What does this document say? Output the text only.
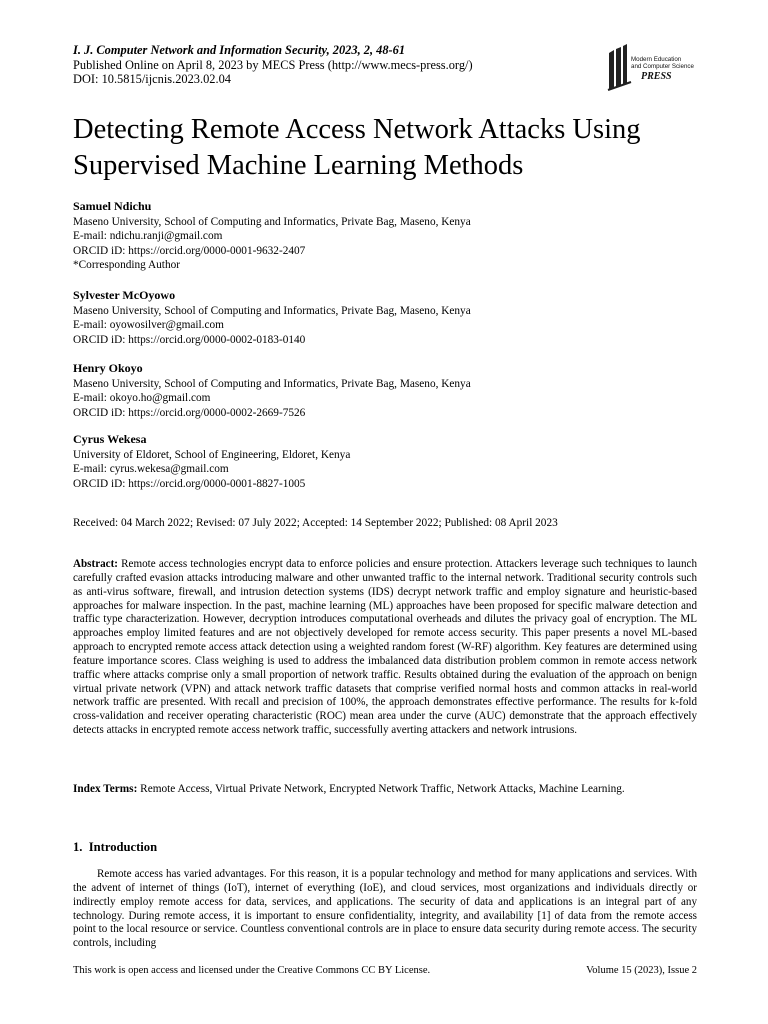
I. J. Computer Network and Information Security, 2023, 2, 48-61
Published Online on April 8, 2023 by MECS Press (http://www.mecs-press.org/)
DOI: 10.5815/ijcnis.2023.02.04
Modern Education
and Computer Science
PRESS
Detecting Remote Access Network Attacks Using Supervised Machine Learning Methods
Samuel Ndichu
Maseno University, School of Computing and Informatics, Private Bag, Maseno, Kenya
E-mail: ndichu.ranji@gmail.com
ORCID iD: https://orcid.org/0000-0001-9632-2407
*Corresponding Author
Sylvester McOyowo
Maseno University, School of Computing and Informatics, Private Bag, Maseno, Kenya
E-mail: oyowosilver@gmail.com
ORCID iD: https://orcid.org/0000-0002-0183-0140
Henry Okoyo
Maseno University, School of Computing and Informatics, Private Bag, Maseno, Kenya
E-mail: okoyo.ho@gmail.com
ORCID iD: https://orcid.org/0000-0002-2669-7526
Cyrus Wekesa
University of Eldoret, School of Engineering, Eldoret, Kenya
E-mail: cyrus.wekesa@gmail.com
ORCID iD: https://orcid.org/0000-0001-8827-1005
Received: 04 March 2022; Revised: 07 July 2022; Accepted: 14 September 2022; Published: 08 April 2023

Abstract: Remote access technologies encrypt data to enforce policies and ensure protection. Attackers leverage such techniques to launch carefully crafted evasion attacks introducing malware and other unwanted traffic to the internal network. Traditional security controls such as anti-virus software, firewall, and intrusion detection systems (IDS) decrypt network traffic and employ signature and heuristic-based approaches for malware inspection. In the past, machine learning (ML) approaches have been proposed for specific malware detection and traffic type characterization. However, decryption introduces computational overheads and dilutes the privacy goal of encryption. The ML approaches employ limited features and are not objectively developed for remote access security. This paper presents a novel ML-based approach to encrypted remote access attack detection using a weighted random forest (W-RF) algorithm. Key features are determined using feature importance scores. Class weighing is used to address the imbalanced data distribution problem common in remote access network traffic where attacks comprise only a small proportion of network traffic. Results obtained during the evaluation of the approach on benign virtual private network (VPN) and attack network traffic datasets that comprise verified normal hosts and common attacks in real-world network traffic are presented. With recall and precision of 100%, the approach demonstrates effective performance. The results for k-fold cross-validation and receiver operating characteristic (ROC) mean area under the curve (AUC) demonstrate that the approach effectively detects attacks in encrypted remote access network traffic, successfully averting attackers and network intrusions.

Index Terms: Remote Access, Virtual Private Network, Encrypted Network Traffic, Network Attacks, Machine Learning.
1. Introduction

Remote access has varied advantages. For this reason, it is a popular technology and method for many applications and services. With the advent of internet of things (IoT), internet of everything (IoE), and cloud services, most organizations and individuals directly or indirectly employ remote access for data, services, and applications. The security of data and applications is an integral part of any technology. During remote access, it is important to ensure confidentiality, integrity, and availability [1] of data from the remote access point to the local resource or service. Countless conventional controls are in place to ensure data security during remote access. The security controls, including

This work is open access and licensed under the Creative Commons CC BY License.	Volume 15 (2023), Issue 2
